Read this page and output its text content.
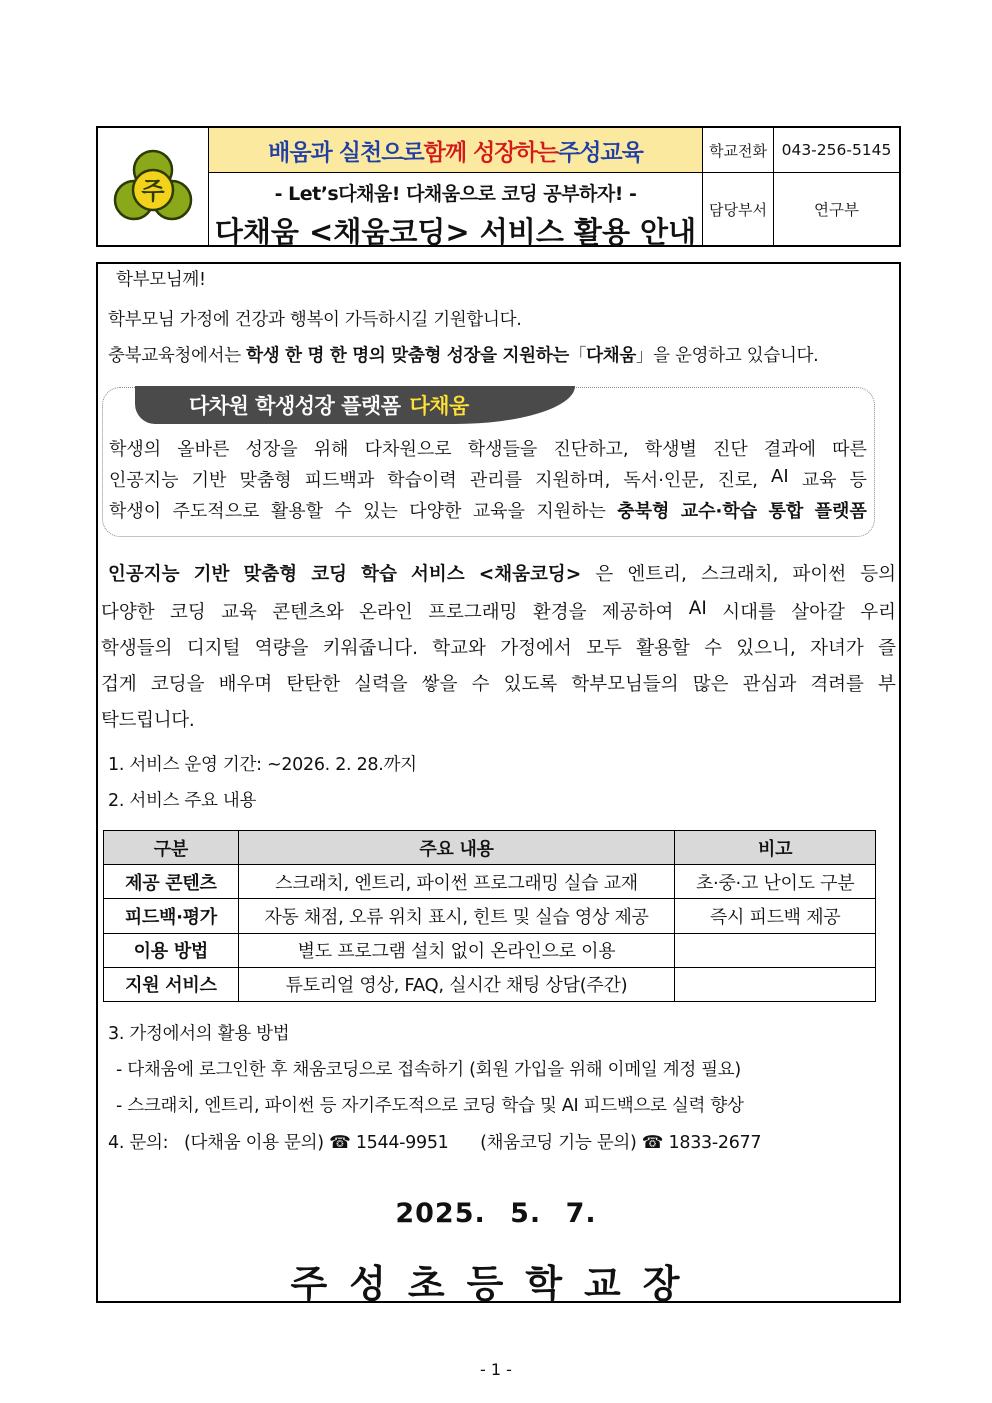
주
배움과 실천으로 함께 성장하는 주성교육
- Let’s다채움! 다채움으로 코딩 공부하자! -
다채움 <채움코딩> 서비스 활용 안내
학교전화 043-256-5145
담당부서	연구부
학부모님께!
학부모님 가정에 건강과 행복이 가득하시길 기원합니다.
충북교육청에서는 학생 한 명 한 명의 맞춤형 성장을 지원하는「다채움」을 운영하고 있습니다.
다차원 학생성장 플랫폼 다채움
학생의 올바른 성장을 위해 다차원으로 학생들을 진단하고, 학생별 진단 결과에 따른
인공지능 기반 맞춤형 피드백과 학습이력 관리를 지원하며, 독서·인문, 진로, AI 교육 등
학생이 주도적으로 활용할 수 있는 다양한 교육을 지원하는 충북형 교수·학습 통합 플랫폼
인공지능 기반 맞춤형 코딩 학습 서비스 <채움코딩> 은 엔트리, 스크래치, 파이썬 등의
다양한 코딩 교육 콘텐츠와 온라인 프로그래밍 환경을 제공하여 AI 시대를 살아갈 우리
학생들의 디지털 역량을 키워줍니다. 학교와 가정에서 모두 활용할 수 있으니, 자녀가 즐
겁게 코딩을 배우며 탄탄한 실력을 쌓을 수 있도록 학부모님들의 많은 관심과 격려를 부
탁드립니다.
1. 서비스 운영 기간: ~2026. 2. 28.까지
2. 서비스 주요 내용
구분	주요 내용	비고
제공 콘텐츠	스크래치, 엔트리, 파이썬 프로그래밍 실습 교재	초·중·고 난이도 구분
피드백·평가	자동 채점, 오류 위치 표시, 힌트 및 실습 영상 제공	즉시 피드백 제공
이용 방법	별도 프로그램 설치 없이 온라인으로 이용	
지원 서비스	튜토리얼 영상, FAQ, 실시간 채팅 상담(주간)	
3. 가정에서의 활용 방법
- 다채움에 로그인한 후 채움코딩으로 접속하기 (회원 가입을 위해 이메일 계정 필요)
- 스크래치, 엔트리, 파이썬 등 자기주도적으로 코딩 학습 및 AI 피드백으로 실력 향상
4. 문의: (다채움 이용 문의) ☎ 1544-9951 (채움코딩 기능 문의) ☎ 1833-2677
2025. 5. 7.
주성초등학교장
- 1 -
